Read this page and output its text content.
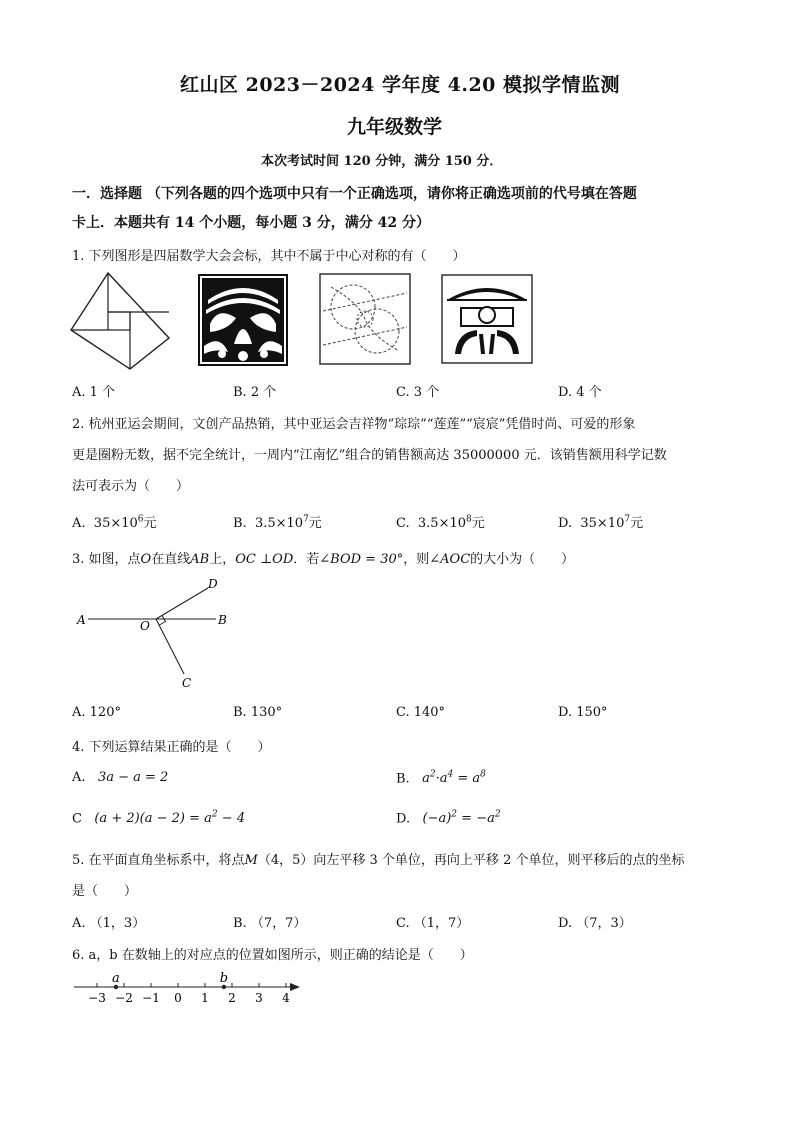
红山区 2023－2024 学年度 4.20 模拟学情监测
九年级数学
本次考试时间 120 分钟，满分 150 分．
一．选择题 （下列各题的四个选项中只有一个正确选项，请你将正确选项前的代号填在答题
卡上．本题共有 14 个小题，每小题 3 分，满分 42 分）
1. 下列图形是四届数学大会会标，其中不属于中心对称的有（　　）
A. 1 个	B. 2 个	C. 3 个	D. 4 个
2. 杭州亚运会期间，文创产品热销，其中亚运会吉祥物“琮琮”“莲莲”“宸宸”凭借时尚、可爱的形象
更是圈粉无数，据不完全统计，一周内“江南忆”组合的销售额高达 35000000 元．该销售额用科学记数
法可表示为（　　）
A. $35\times 10^6$元	B. $3.5\times 10^7$元	C. $3.5\times 10^8$元	D. $35\times 10^7$元
3. 如图，点O在直线AB上，OC ⊥OD．若∠BOD = 30°，则∠AOC的大小为（　　）
A	B
D
C
O
A. 120°	B. 130°	C. 140°	D. 150°
4. 下列运算结果正确的是（　　）
A. 3a − a = 2	B. $a^2\cdot a^4 = a^8$
C $(a + 2)(a - 2) = a^2 - 4$	D. $(-a)^2 = -a^2$
5. 在平面直角坐标系中，将点M（4，5）向左平移 3 个单位，再向上平移 2 个单位，则平移后的点的坐标
是（　　）
A. （1，3）	B. （7，7）	C. （1，7）	D. （7，3）
6. a，b 在数轴上的对应点的位置如图所示，则正确的结论是（　　）
−3 −2 −1 0 1 2 3 4
a	b
